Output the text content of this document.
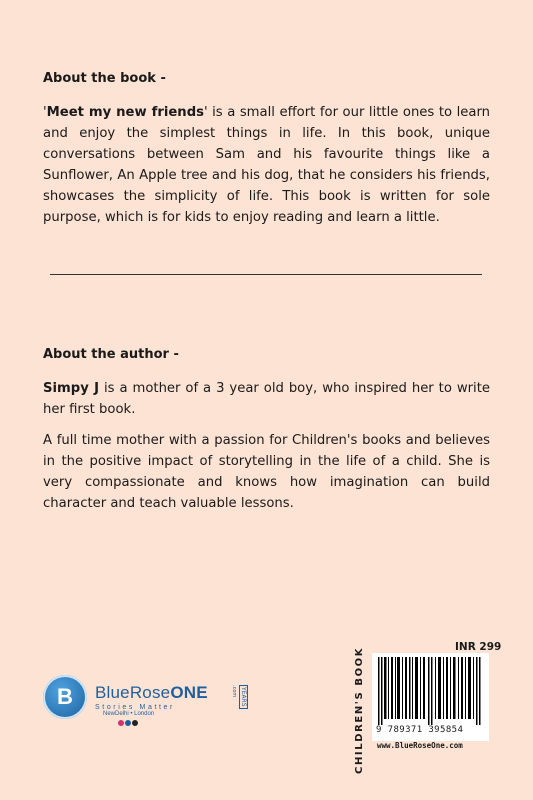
About the book -

'Meet my new friends' is a small effort for our little ones to learn and enjoy the simplest things in life. In this book, unique conversations between Sam and his favourite things like a Sunflower, An Apple tree and his dog, that he considers his friends, showcases the simplicity of life. This book is written for sole purpose, which is for kids to enjoy reading and learn a little.

About the author -

Simpy J is a mother of a 3 year old boy, who inspired her to write her first book.

A full time mother with a passion for Children's books and believes in the positive impact of storytelling in the life of a child. She is very compassionate and knows how imagination can build character and teach valuable lessons.

B	BlueRoseONE
Stories Matter
.com YEARS
NewDelhi • London	CHILDREN'S BOOK	INR 299
9 789371 395854
www.BlueRoseOne.com
